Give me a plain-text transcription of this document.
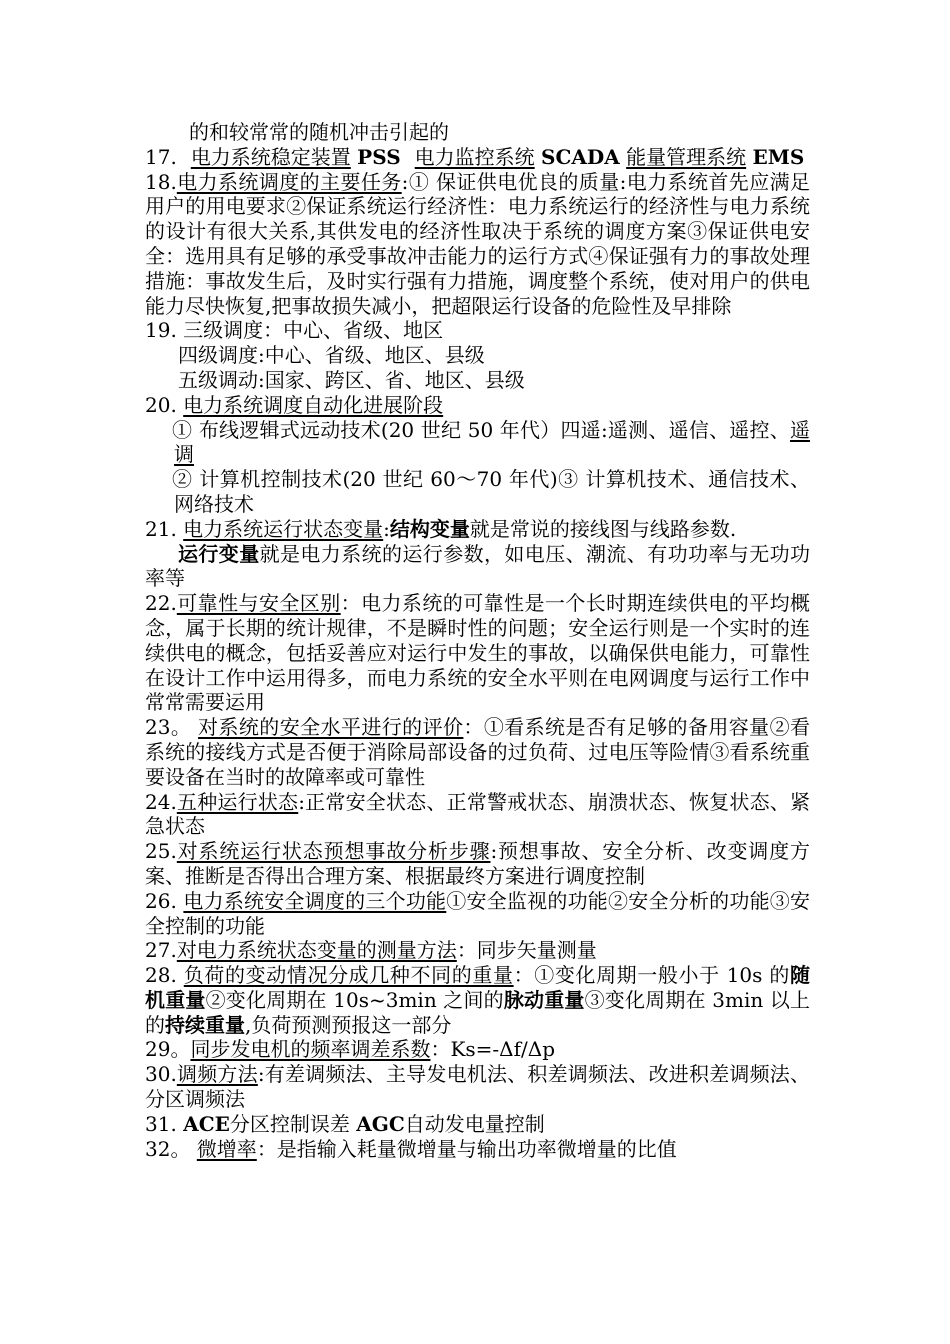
的和较常常的随机冲击引起的

17. 电力系统稳定装置 PSS 电力监控系统 SCADA 能量管理系统 EMS

18.电力系统调度的主要任务:① 保证供电优良的质量:电力系统首先应满足用户的用电要求②保证系统运行经济性：电力系统运行的经济性与电力系统的设计有很大关系,其供发电的经济性取决于系统的调度方案③保证供电安全：选用具有足够的承受事故冲击能力的运行方式④保证强有力的事故处理措施：事故发生后，及时实行强有力措施，调度整个系统，使对用户的供电能力尽快恢复,把事故损失减小，把超限运行设备的危险性及早排除

19. 三级调度：中心、省级、地区

四级调度:中心、省级、地区、县级

五级调动:国家、跨区、省、地区、县级

20. 电力系统调度自动化进展阶段

① 布线逻辑式远动技术(20 世纪 50 年代）四遥:遥测、遥信、遥控、遥调

② 计算机控制技术(20 世纪 60～70 年代)③ 计算机技术、通信技术、网络技术

21. 电力系统运行状态变量:结构变量就是常说的接线图与线路参数.

运行变量就是电力系统的运行参数，如电压、潮流、有功功率与无功功率等

22.可靠性与安全区别：电力系统的可靠性是一个长时期连续供电的平均概念，属于长期的统计规律，不是瞬时性的问题；安全运行则是一个实时的连续供电的概念，包括妥善应对运行中发生的事故，以确保供电能力，可靠性在设计工作中运用得多，而电力系统的安全水平则在电网调度与运行工作中常常需要运用

23。 对系统的安全水平进行的评价：①看系统是否有足够的备用容量②看系统的接线方式是否便于消除局部设备的过负荷、过电压等险情③看系统重要设备在当时的故障率或可靠性

24.五种运行状态:正常安全状态、正常警戒状态、崩溃状态、恢复状态、紧急状态

25.对系统运行状态预想事故分析步骤:预想事故、安全分析、改变调度方案、推断是否得出合理方案、根据最终方案进行调度控制

26. 电力系统安全调度的三个功能①安全监视的功能②安全分析的功能③安全控制的功能

27.对电力系统状态变量的测量方法：同步矢量测量

28. 负荷的变动情况分成几种不同的重量：①变化周期一般小于 10s 的随机重量②变化周期在 10s~3min 之间的脉动重量③变化周期在 3min 以上的持续重量,负荷预测预报这一部分

29。同步发电机的频率调差系数：Ks=-Δf/Δp

30.调频方法:有差调频法、主导发电机法、积差调频法、改进积差调频法、分区调频法

31. ACE分区控制误差 AGC自动发电量控制

32。 微增率：是指输入耗量微增量与输出功率微增量的比值
